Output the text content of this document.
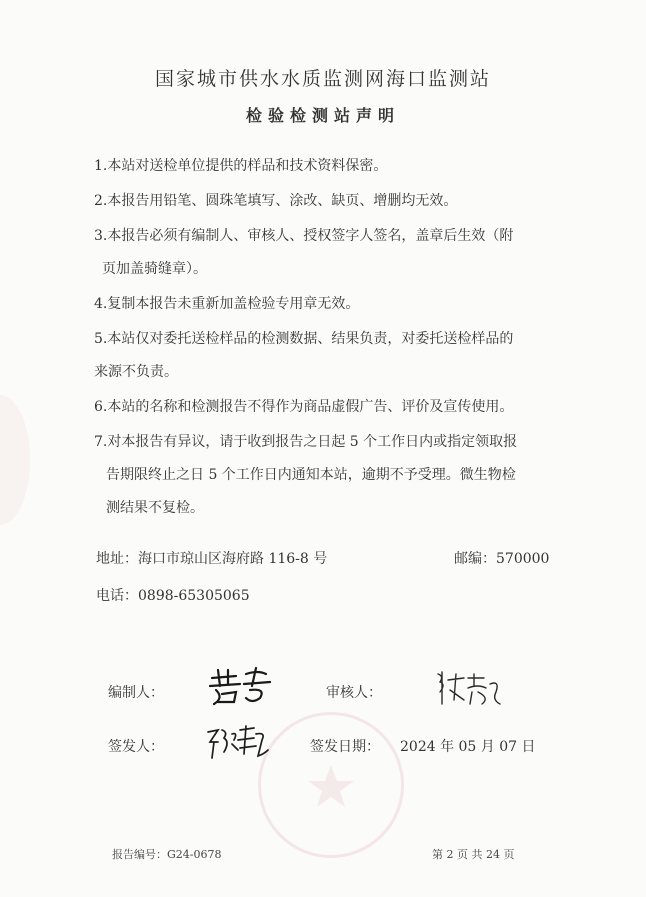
国家城市供水水质监测网海口监测站
检验检测站声明
1.本站对送检单位提供的样品和技术资料保密。
2.本报告用铅笔、圆珠笔填写、涂改、缺页、增删均无效。
3.本报告必须有编制人、审核人、授权签字人签名，盖章后生效（附
页加盖骑缝章）。
4.复制本报告未重新加盖检验专用章无效。
5.本站仅对委托送检样品的检测数据、结果负责，对委托送检样品的
来源不负责。
6.本站的名称和检测报告不得作为商品虚假广告、评价及宣传使用。
7.对本报告有异议，请于收到报告之日起 5 个工作日内或指定领取报
告期限终止之日 5 个工作日内通知本站，逾期不予受理。微生物检
测结果不复检。
地址：海口市琼山区海府路 116-8 号	邮编：570000
电话：0898-65305065
编制人：	审核人：
签发人：	签发日期： 2024 年 05 月 07 日
报告编号：G24-0678	第 2 页 共 24 页
